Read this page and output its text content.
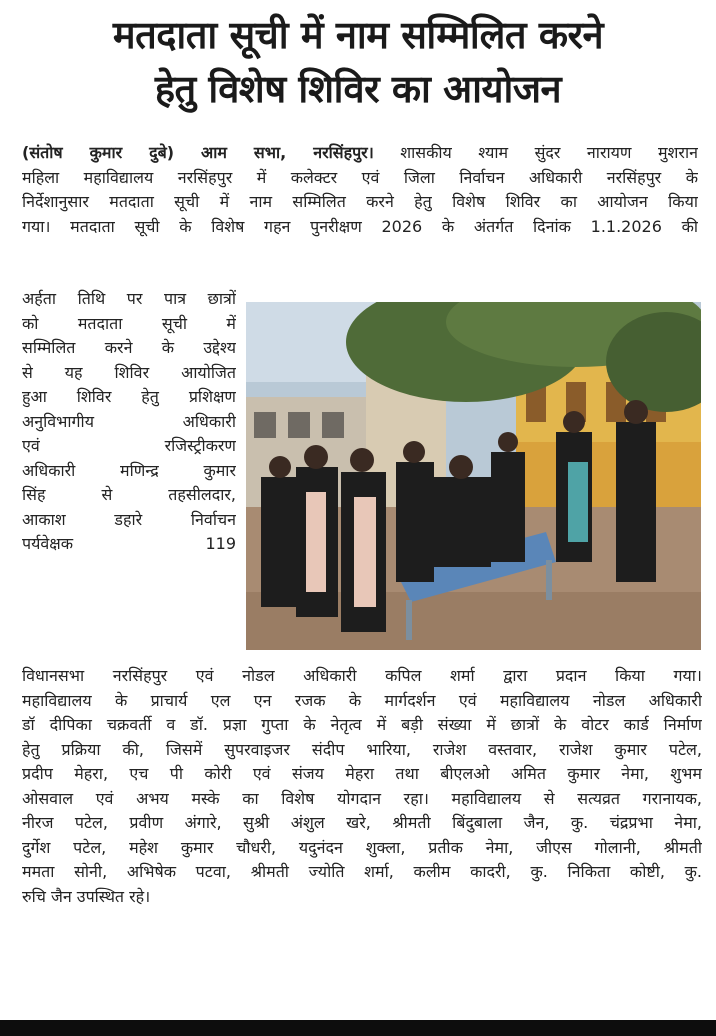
मतदाता सूची में नाम सम्मिलित करने
हेतु विशेष शिविर का आयोजन
(संतोष कुमार दुबे) आम सभा, नरसिंहपुर। शासकीय श्याम सुंदर नारायण मुशरान
महिला महाविद्यालय नरसिंहपुर में कलेक्टर एवं जिला निर्वाचन अधिकारी नरसिंहपुर के
निर्देशानुसार मतदाता सूची में नाम सम्मिलित करने हेतु विशेष शिविर का आयोजन किया
गया। मतदाता सूची के विशेष गहन पुनरीक्षण 2026 के अंतर्गत दिनांक 1.1.2026 की
अर्हता तिथि पर पात्र छात्रों
को मतदाता सूची में
सम्मिलित करने के उद्देश्य
से यह शिविर आयोजित
हुआ शिविर हेतु प्रशिक्षण
अनुविभागीय अधिकारी
एवं रजिस्ट्रीकरण
अधिकारी मणिन्द्र कुमार
सिंह से तहसीलदार,
आकाश डहारे निर्वाचन
पर्यवेक्षक 119
विधानसभा नरसिंहपुर एवं नोडल अधिकारी कपिल शर्मा द्वारा प्रदान किया गया।
महाविद्यालय के प्राचार्य एल एन रजक के मार्गदर्शन एवं महाविद्यालय नोडल अधिकारी
डॉ दीपिका चक्रवर्ती व डॉ. प्रज्ञा गुप्ता के नेतृत्व में बड़ी संख्या में छात्रों के वोटर कार्ड निर्माण
हेतु प्रक्रिया की, जिसमें सुपरवाइजर संदीप भारिया, राजेश वस्तवार, राजेश कुमार पटेल,
प्रदीप मेहरा, एच पी कोरी एवं संजय मेहरा तथा बीएलओ अमित कुमार नेमा, शुभम
ओसवाल एवं अभय मस्के का विशेष योगदान रहा। महाविद्यालय से सत्यव्रत गरानायक,
नीरज पटेल, प्रवीण अंगारे, सुश्री अंशुल खरे, श्रीमती बिंदुबाला जैन, कु. चंद्रप्रभा नेमा,
दुर्गेश पटेल, महेश कुमार चौधरी, यदुनंदन शुक्ला, प्रतीक नेमा, जीएस गोलानी, श्रीमती
ममता सोनी, अभिषेक पटवा, श्रीमती ज्योति शर्मा, कलीम कादरी, कु. निकिता कोष्टी, कु.
रुचि जैन उपस्थित रहे।
